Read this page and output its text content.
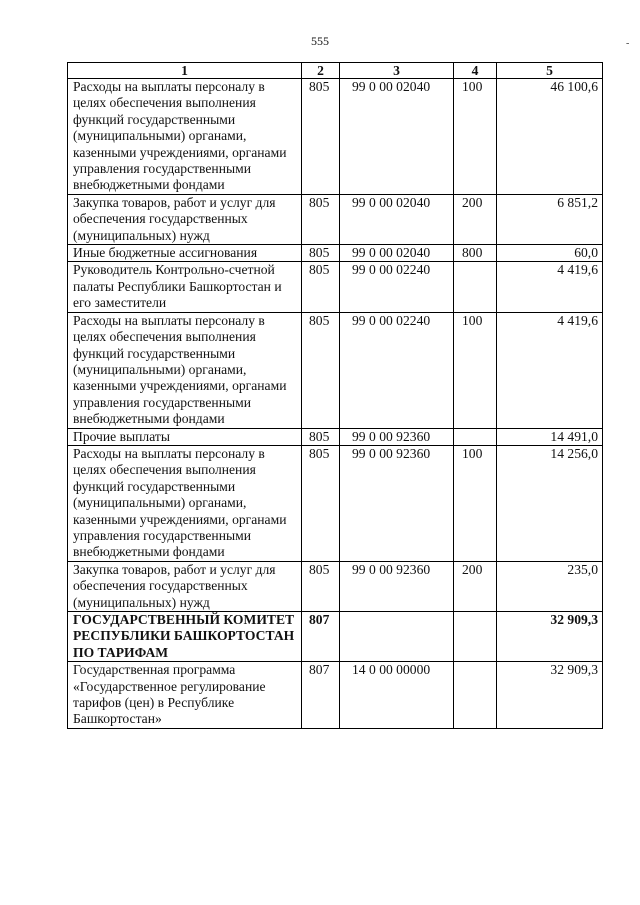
555	-
1	2	3	4	5
Расходы на выплаты персоналу в целях обеспечения выполнения функций государственными (муниципальными) органами, казенными учреждениями, органами управления государственными внебюджетными фондами	805	99 0 00 02040	100	46 100,6
Закупка товаров, работ и услуг для обеспечения государственных (муниципальных) нужд	805	99 0 00 02040	200	6 851,2
Иные бюджетные ассигнования	805	99 0 00 02040	800	60,0
Руководитель Контрольно-счетной палаты Республики Башкортостан и его заместители	805	99 0 00 02240		4 419,6
Расходы на выплаты персоналу в целях обеспечения выполнения функций государственными (муниципальными) органами, казенными учреждениями, органами управления государственными внебюджетными фондами	805	99 0 00 02240	100	4 419,6
Прочие выплаты	805	99 0 00 92360		14 491,0
Расходы на выплаты персоналу в целях обеспечения выполнения функций государственными (муниципальными) органами, казенными учреждениями, органами управления государственными внебюджетными фондами	805	99 0 00 92360	100	14 256,0
Закупка товаров, работ и услуг для обеспечения государственных (муниципальных) нужд	805	99 0 00 92360	200	235,0
ГОСУДАРСТВЕННЫЙ КОМИТЕТ РЕСПУБЛИКИ БАШКОРТОСТАН ПО ТАРИФАМ	807			32 909,3
Государственная программа «Государственное регулирование тарифов (цен) в Республике Башкортостан»	807	14 0 00 00000		32 909,3
